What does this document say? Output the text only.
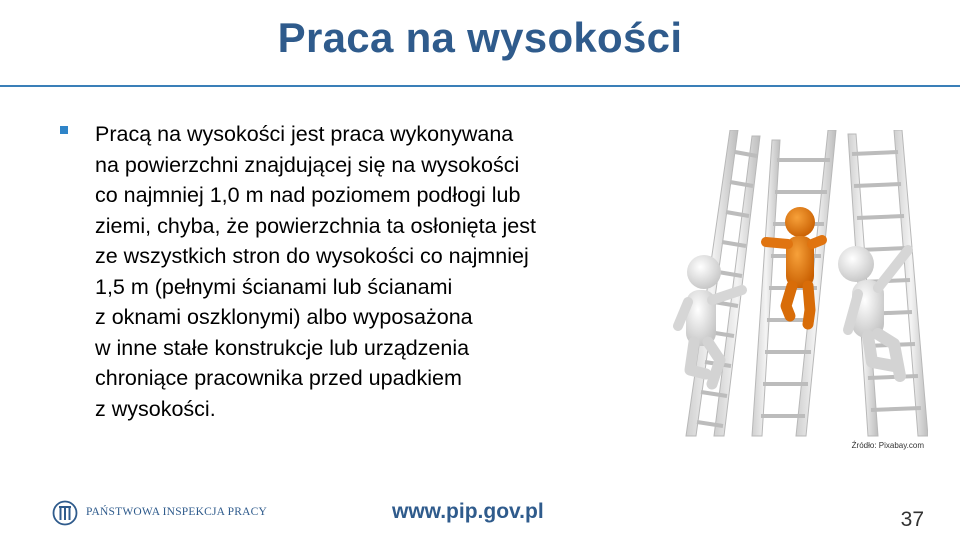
Praca na wysokości
Pracą na wysokości jest praca wykonywana
na powierzchni znajdującej się na wysokości
co najmniej 1,0 m nad poziomem podłogi lub
ziemi, chyba, że powierzchnia ta osłonięta jest
ze wszystkich stron do wysokości co najmniej
1,5 m (pełnymi ścianami lub ścianami
z oknami oszklonymi) albo wyposażona
w inne stałe konstrukcje lub urządzenia
chroniące pracownika przed upadkiem
z wysokości.
Źródło: Pixabay.com
PAŃSTWOWA INSPEKCJA PRACY	www.pip.gov.pl	37
